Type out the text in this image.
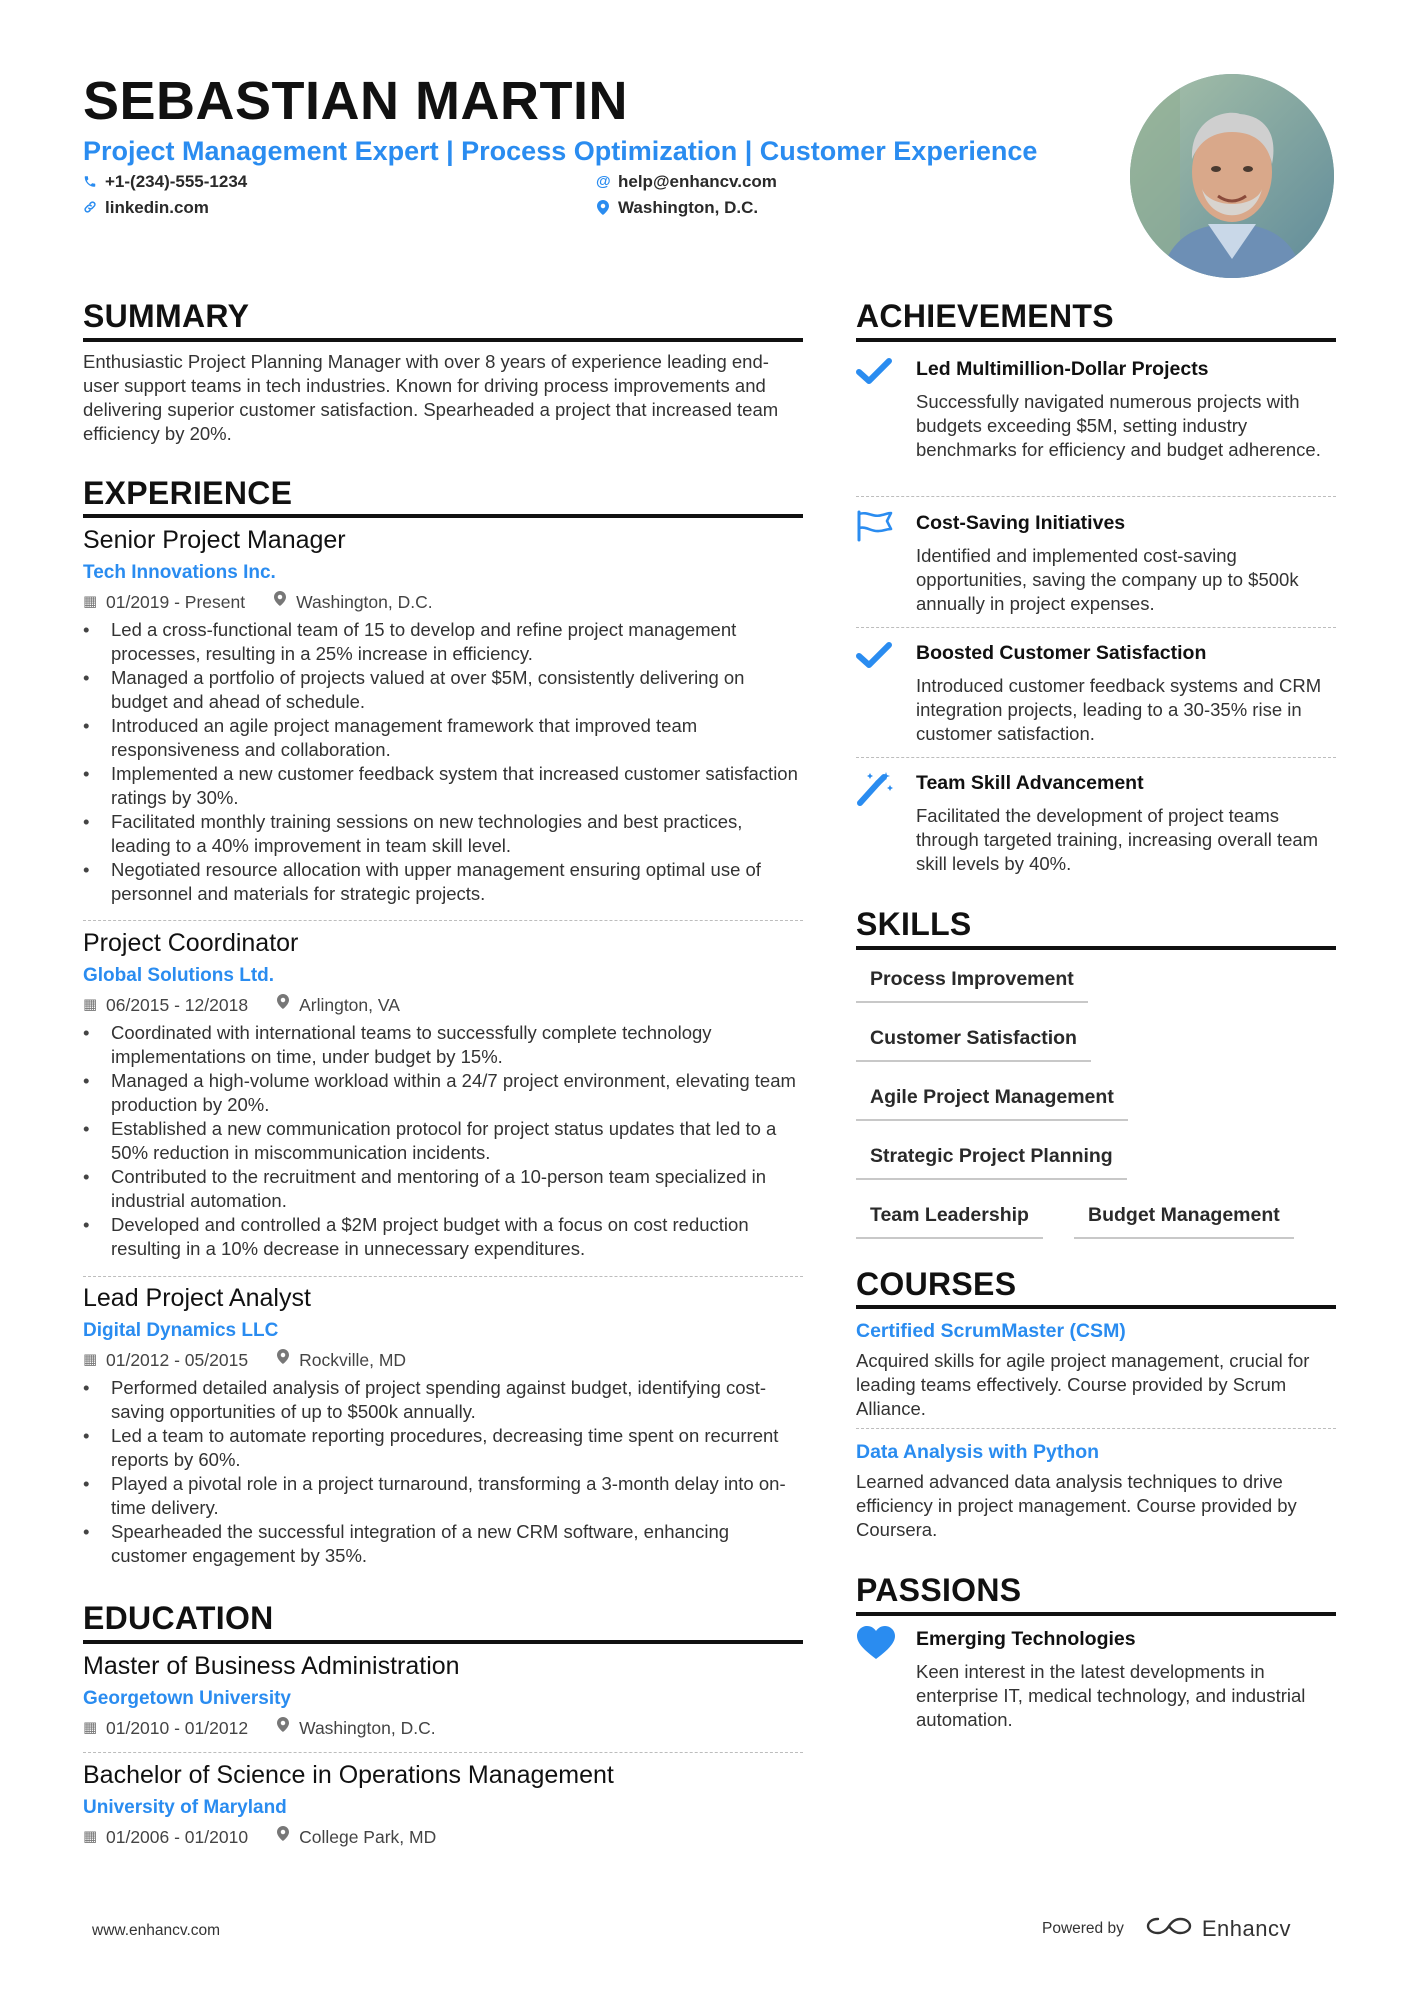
SEBASTIAN MARTIN
Project Management Expert | Process Optimization | Customer Experience
+1-(234)-555-1234	@ help@enhancv.com
linkedin.com	Washington, D.C.
SUMMARY
Enthusiastic Project Planning Manager with over 8 years of experience leading end-user support teams in tech industries. Known for driving process improvements and delivering superior customer satisfaction. Spearheaded a project that increased team efficiency by 20%.
EXPERIENCE
Senior Project Manager
Tech Innovations Inc.
▦ 01/2019 - Present	Washington, D.C.
• Led a cross-functional team of 15 to develop and refine project management processes, resulting in a 25% increase in efficiency.
• Managed a portfolio of projects valued at over $5M, consistently delivering on budget and ahead of schedule.
• Introduced an agile project management framework that improved team responsiveness and collaboration.
• Implemented a new customer feedback system that increased customer satisfaction ratings by 30%.
• Facilitated monthly training sessions on new technologies and best practices, leading to a 40% improvement in team skill level.
• Negotiated resource allocation with upper management ensuring optimal use of personnel and materials for strategic projects.
Project Coordinator
Global Solutions Ltd.
▦ 06/2015 - 12/2018	Arlington, VA
• Coordinated with international teams to successfully complete technology implementations on time, under budget by 15%.
• Managed a high-volume workload within a 24/7 project environment, elevating team production by 20%.
• Established a new communication protocol for project status updates that led to a 50% reduction in miscommunication incidents.
• Contributed to the recruitment and mentoring of a 10-person team specialized in industrial automation.
• Developed and controlled a $2M project budget with a focus on cost reduction resulting in a 10% decrease in unnecessary expenditures.
Lead Project Analyst
Digital Dynamics LLC
▦ 01/2012 - 05/2015	Rockville, MD
• Performed detailed analysis of project spending against budget, identifying cost-saving opportunities of up to $500k annually.
• Led a team to automate reporting procedures, decreasing time spent on recurrent reports by 60%.
• Played a pivotal role in a project turnaround, transforming a 3-month delay into on-time delivery.
• Spearheaded the successful integration of a new CRM software, enhancing customer engagement by 35%.
EDUCATION
Master of Business Administration
Georgetown University
▦ 01/2010 - 01/2012	Washington, D.C.
Bachelor of Science in Operations Management
University of Maryland
▦ 01/2006 - 01/2010	College Park, MD
ACHIEVEMENTS
Led Multimillion-Dollar Projects
Successfully navigated numerous projects with budgets exceeding $5M, setting industry benchmarks for efficiency and budget adherence.
Cost-Saving Initiatives
Identified and implemented cost-saving opportunities, saving the company up to $500k annually in project expenses.
Boosted Customer Satisfaction
Introduced customer feedback systems and CRM integration projects, leading to a 30-35% rise in customer satisfaction.
Team Skill Advancement
Facilitated the development of project teams through targeted training, increasing overall team skill levels by 40%.
SKILLS
Process Improvement
Customer Satisfaction
Agile Project Management
Strategic Project Planning
Team Leadership	Budget Management
COURSES
Certified ScrumMaster (CSM)
Acquired skills for agile project management, crucial for leading teams effectively. Course provided by Scrum Alliance.
Data Analysis with Python
Learned advanced data analysis techniques to drive efficiency in project management. Course provided by Coursera.
PASSIONS
Emerging Technologies
Keen interest in the latest developments in enterprise IT, medical technology, and industrial automation.
www.enhancv.com	Powered by	Enhancv
